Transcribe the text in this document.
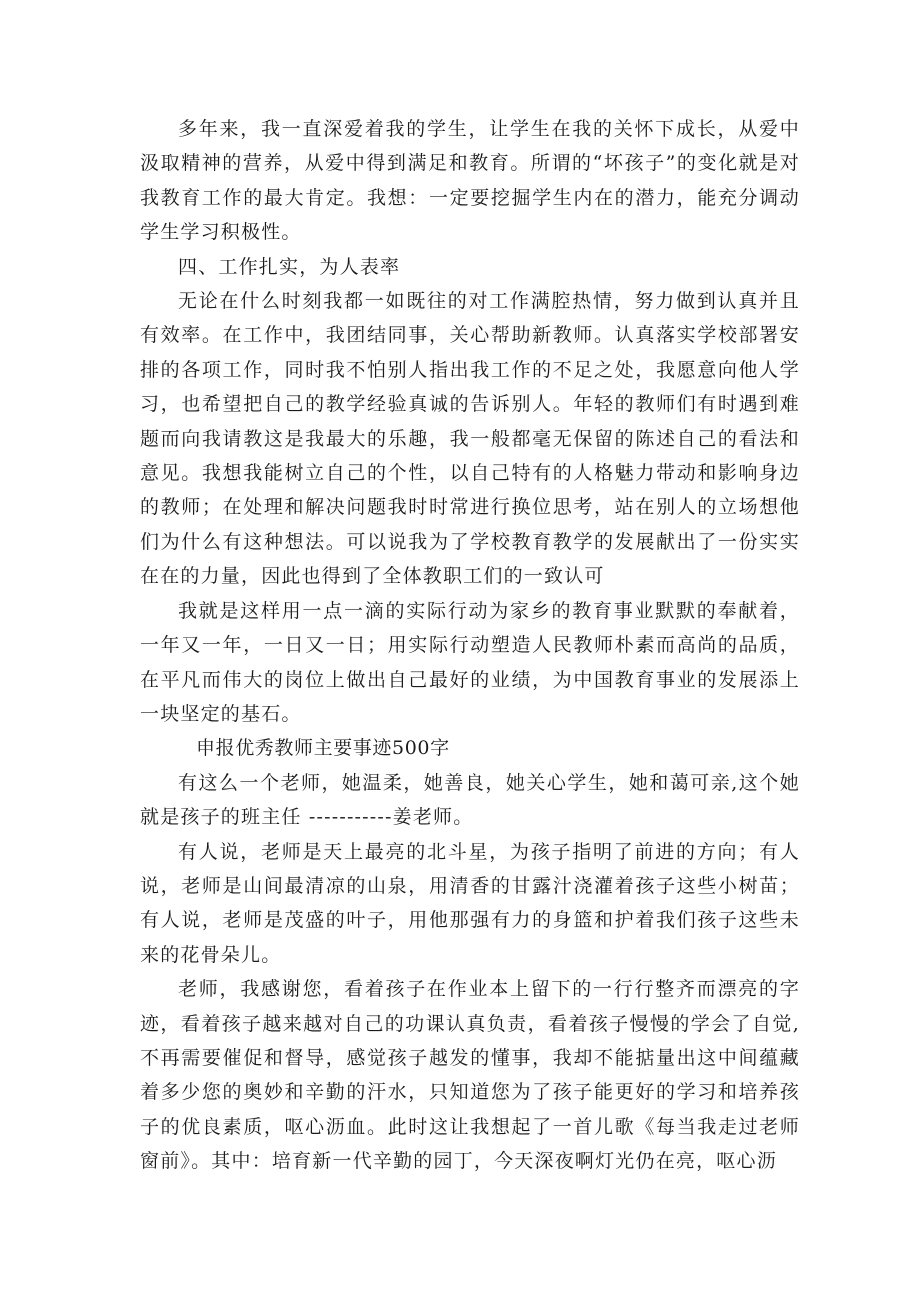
多年来，我一直深爱着我的学生，让学生在我的关怀下成长，从爱中汲取精神的营养，从爱中得到满足和教育。所谓的“坏孩子”的变化就是对我教育工作的最大肯定。我想：一定要挖掘学生内在的潜力，能充分调动学生学习积极性。

四、工作扎实，为人表率

无论在什么时刻我都一如既往的对工作满腔热情，努力做到认真并且有效率。在工作中，我团结同事，关心帮助新教师。认真落实学校部署安排的各项工作，同时我不怕别人指出我工作的不足之处，我愿意向他人学习，也希望把自己的教学经验真诚的告诉别人。年轻的教师们有时遇到难题而向我请教这是我最大的乐趣，我一般都毫无保留的陈述自己的看法和意见。我想我能树立自己的个性，以自己特有的人格魅力带动和影响身边的教师；在处理和解决问题我时时常进行换位思考，站在别人的立场想他们为什么有这种想法。可以说我为了学校教育教学的发展献出了一份实实在在的力量，因此也得到了全体教职工们的一致认可

我就是这样用一点一滴的实际行动为家乡的教育事业默默的奉献着，一年又一年，一日又一日；用实际行动塑造人民教师朴素而高尚的品质，在平凡而伟大的岗位上做出自己最好的业绩，为中国教育事业的发展添上一块坚定的基石。

申报优秀教师主要事迹500字

有这么一个老师，她温柔，她善良，她关心学生，她和蔼可亲,这个她就是孩子的班主任 -----------姜老师。

有人说，老师是天上最亮的北斗星，为孩子指明了前进的方向；有人说，老师是山间最清凉的山泉，用清香的甘露汁浇灌着孩子这些小树苗；有人说，老师是茂盛的叶子，用他那强有力的身篮和护着我们孩子这些未来的花骨朵儿。

老师，我感谢您，看着孩子在作业本上留下的一行行整齐而漂亮的字迹，看着孩子越来越对自己的功课认真负责，看着孩子慢慢的学会了自觉,不再需要催促和督导，感觉孩子越发的懂事，我却不能掂量出这中间蕴藏着多少您的奥妙和辛勤的汗水，只知道您为了孩子能更好的学习和培养孩子的优良素质，呕心沥血。此时这让我想起了一首儿歌《每当我走过老师窗前》。其中：培育新一代辛勤的园丁，今天深夜啊灯光仍在亮，呕心沥
